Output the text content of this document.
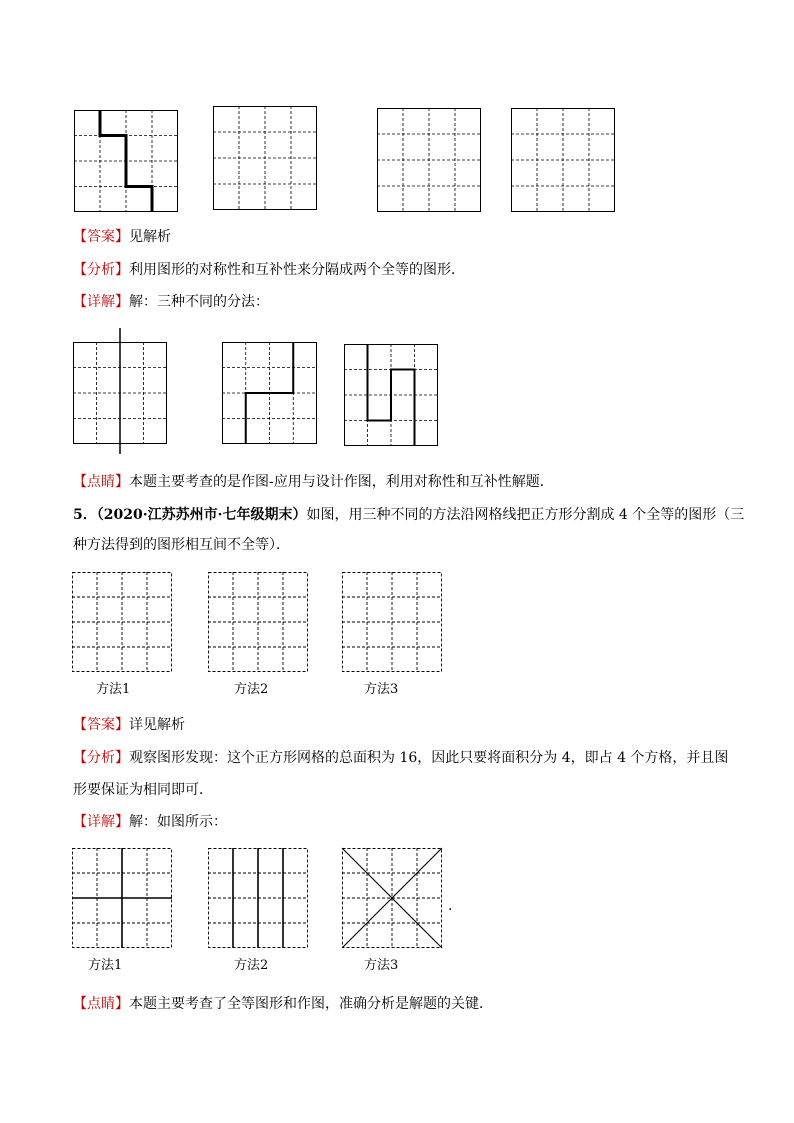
【答案】见解析
【分析】利用图形的对称性和互补性来分隔成两个全等的图形．
【详解】解：三种不同的分法：
【点睛】本题主要考查的是作图-应用与设计作图，利用对称性和互补性解题．
5．（2020·江苏苏州市·七年级期末）如图，用三种不同的方法沿网格线把正方形分割成 4 个全等的图形（三
种方法得到的图形相互间不全等）．
方法1	方法2	方法3
【答案】详见解析
【分析】观察图形发现：这个正方形网格的总面积为 16，因此只要将面积分为 4，即占 4 个方格，并且图
形要保证为相同即可．
【详解】解：如图所示：
.
方法1	方法2	方法3
【点睛】本题主要考查了全等图形和作图，准确分析是解题的关键．
